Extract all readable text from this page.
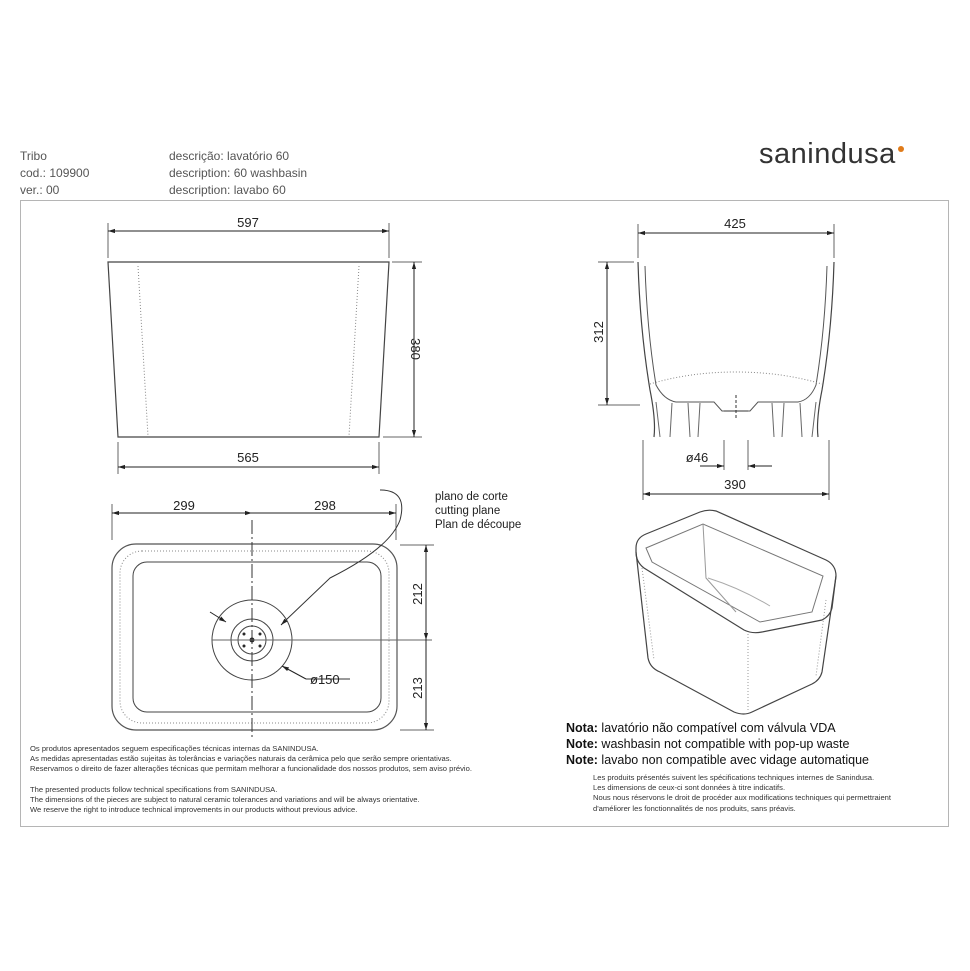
Tribo
cod.: 109900
ver.: 00
descrição: lavatório 60
description: 60 washbasin
description: lavabo 60
sanindusa
597
565
380
425
312
ø46
390
299	298
212
213
ø150
plano de corte
cutting plane
Plan de découpe
Os produtos apresentados seguem especificações técnicas internas da SANINDUSA.
As medidas apresentadas estão sujeitas às tolerâncias e variações naturais da cerâmica pelo que serão sempre orientativas.
Reservamos o direito de fazer alterações técnicas que permitam melhorar a funcionalidade dos nossos produtos, sem aviso prévio.
The presented products follow technical specifications from SANINDUSA.
The dimensions of the pieces are subject to natural ceramic tolerances and variations and will be always orientative.
We reserve the right to introduce technical improvements in our products without previous advice.
Nota: lavatório não compatível com válvula VDA
Note: washbasin not compatible with pop-up waste
Note: lavabo non compatible avec vidage automatique
Les produits présentés suivent les spécifications techniques internes de Sanindusa.
Les dimensions de ceux-ci sont données à titre indicatifs.
Nous nous réservons le droit de procéder aux modifications techniques qui permettraient
d'améliorer les fonctionnalités de nos produits, sans préavis.
